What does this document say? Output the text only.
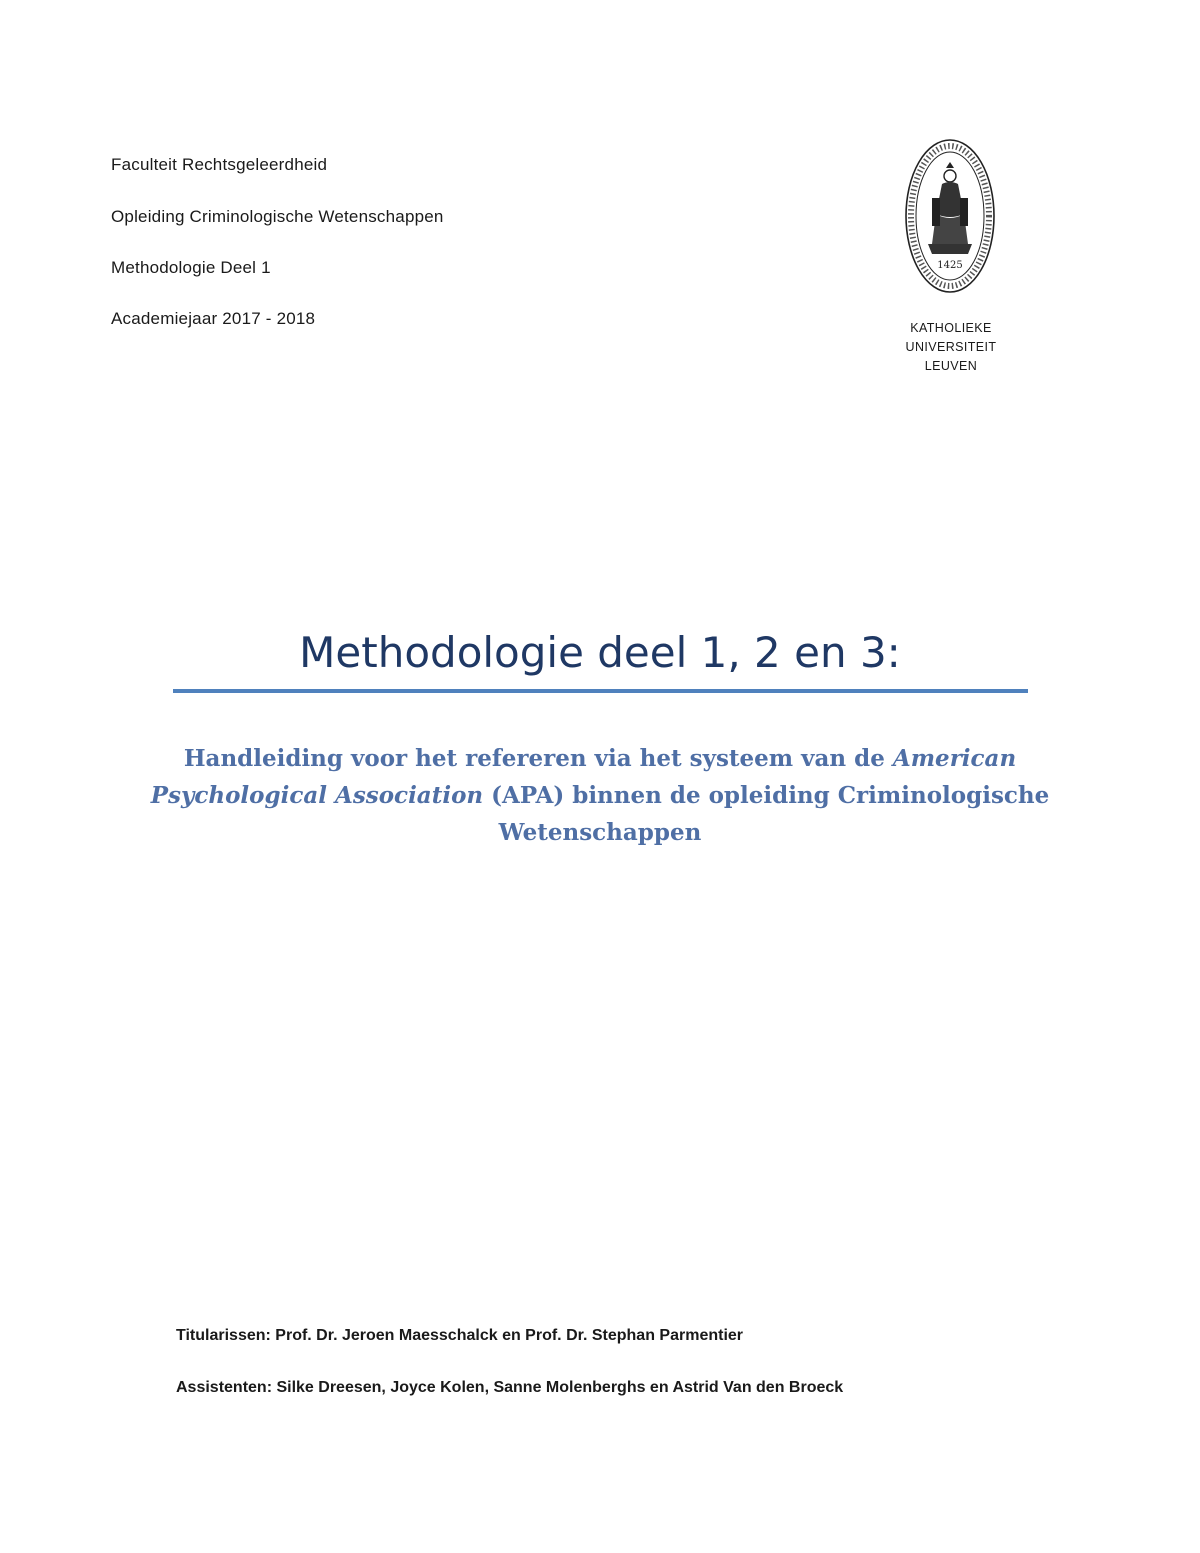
Faculteit Rechtsgeleerdheid
Opleiding Criminologische Wetenschappen
Methodologie Deel 1
Academiejaar 2017 - 2018
1425
KATHOLIEKE
UNIVERSITEIT
LEUVEN
Methodologie deel 1, 2 en 3:
Handleiding voor het refereren via het systeem van de American Psychological Association (APA) binnen de opleiding Criminologische Wetenschappen
Titularissen: Prof. Dr. Jeroen Maesschalck en Prof. Dr. Stephan Parmentier
Assistenten: Silke Dreesen, Joyce Kolen, Sanne Molenberghs en Astrid Van den Broeck
